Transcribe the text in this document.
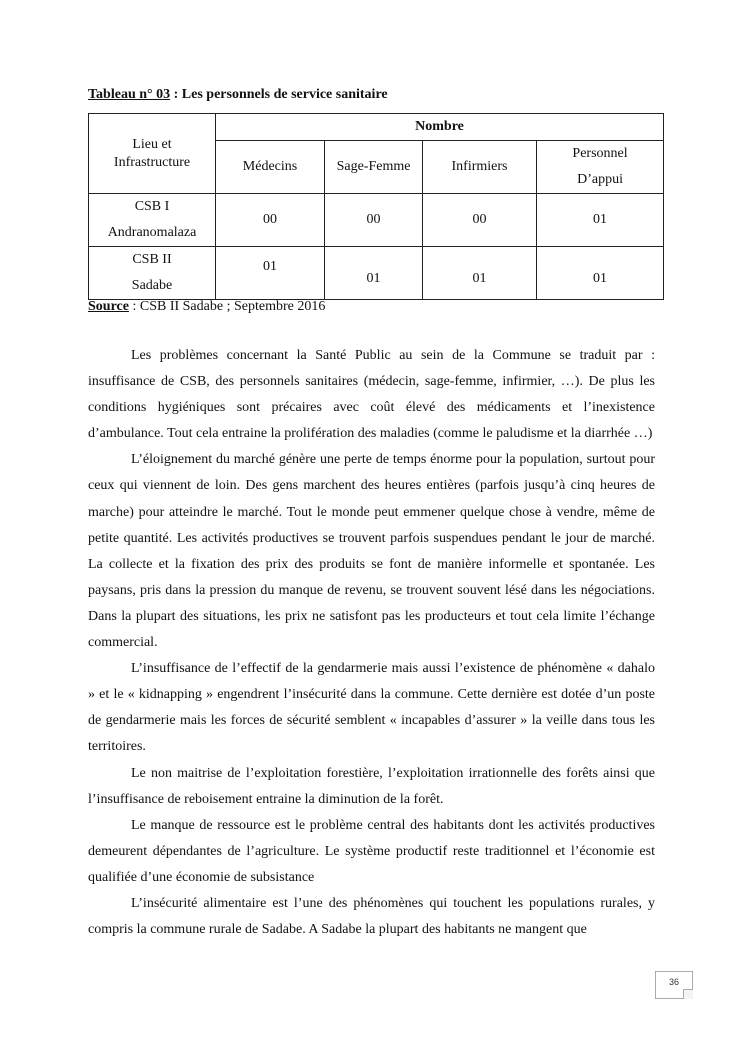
Tableau n° 03 : Les personnels de service sanitaire
Lieu et Infrastructure	Nombre			
	Médecins	Sage-Femme	Infirmiers	Personnel
D’appui

CSB I
Andranomalaza	00	00	00	01

CSB II
Sadabe	01	01	01	01
Source : CSB II Sadabe ; Septembre 2016

Les problèmes concernant la Santé Public au sein de la Commune se traduit par : insuffisance de CSB, des personnels sanitaires (médecin, sage-femme, infirmier, …). De plus les conditions hygiéniques sont précaires avec coût élevé des médicaments et l’inexistence d’ambulance. Tout cela entraine la prolifération des maladies (comme le paludisme et la diarrhée …)

L’éloignement du marché génère une perte de temps énorme pour la population, surtout pour ceux qui viennent de loin. Des gens marchent des heures entières (parfois jusqu’à cinq heures de marche) pour atteindre le marché. Tout le monde peut emmener quelque chose à vendre, même de petite quantité. Les activités productives se trouvent parfois suspendues pendant le jour de marché. La collecte et la fixation des prix des produits se font de manière informelle et spontanée. Les paysans, pris dans la pression du manque de revenu, se trouvent souvent lésé dans les négociations. Dans la plupart des situations, les prix ne satisfont pas les producteurs et tout cela limite l’échange commercial.

L’insuffisance de l’effectif de la gendarmerie mais aussi l’existence de phénomène « dahalo » et le « kidnapping » engendrent l’insécurité dans la commune. Cette dernière est dotée d’un poste de gendarmerie mais les forces de sécurité semblent « incapables d’assurer » la veille dans tous les territoires.

Le non maitrise de l’exploitation forestière, l’exploitation irrationnelle des forêts ainsi que l’insuffisance de reboisement entraine la diminution de la forêt.

Le manque de ressource est le problème central des habitants dont les activités productives demeurent dépendantes de l’agriculture. Le système productif reste traditionnel et l’économie est qualifiée d’une économie de subsistance

L’insécurité alimentaire est l’une des phénomènes qui touchent les populations rurales, y compris la commune rurale de Sadabe. A Sadabe la plupart des habitants ne mangent que

36
